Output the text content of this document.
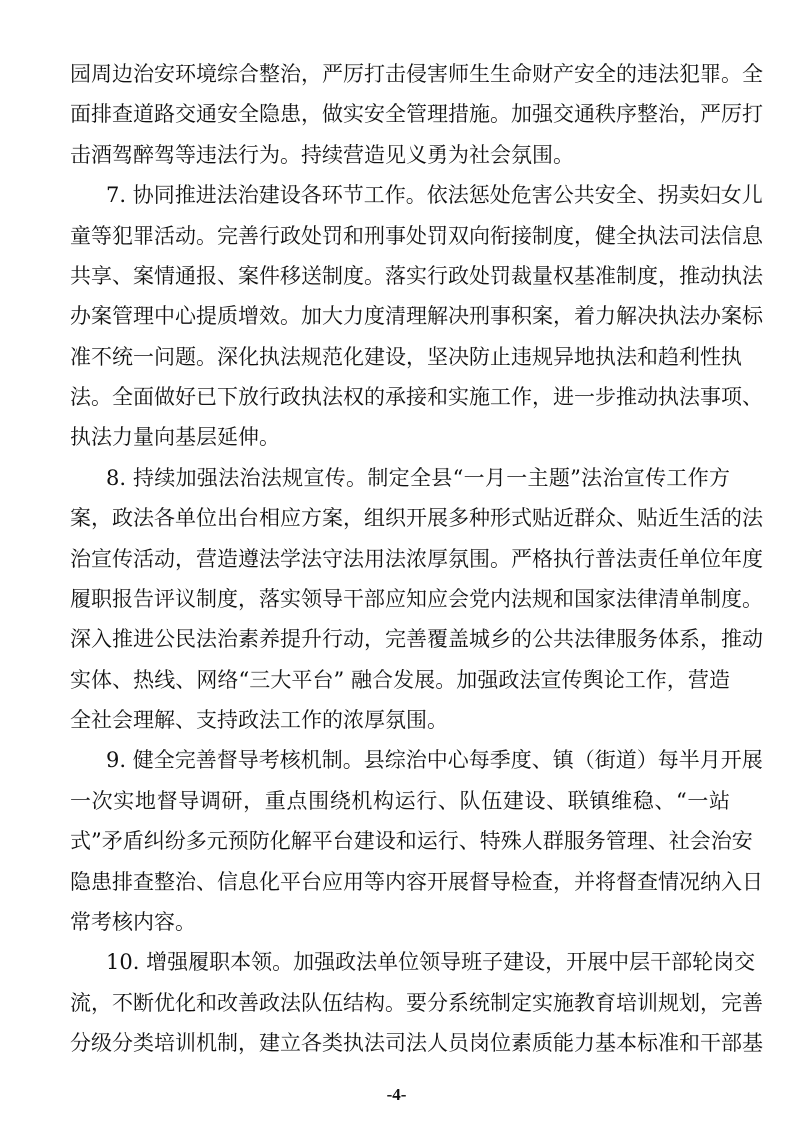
园周边治安环境综合整治，严厉打击侵害师生生命财产安全的违法犯罪。全
面排查道路交通安全隐患，做实安全管理措施。加强交通秩序整治，严厉打
击酒驾醉驾等违法行为。持续营造见义勇为社会氛围。
7. 协同推进法治建设各环节工作。依法惩处危害公共安全、拐卖妇女儿
童等犯罪活动。完善行政处罚和刑事处罚双向衔接制度，健全执法司法信息
共享、案情通报、案件移送制度。落实行政处罚裁量权基准制度，推动执法
办案管理中心提质增效。加大力度清理解决刑事积案，着力解决执法办案标
准不统一问题。深化执法规范化建设，坚决防止违规异地执法和趋利性执
法。全面做好已下放行政执法权的承接和实施工作，进一步推动执法事项、
执法力量向基层延伸。
8. 持续加强法治法规宣传。制定全县“一月一主题”法治宣传工作方
案，政法各单位出台相应方案，组织开展多种形式贴近群众、贴近生活的法
治宣传活动，营造遵法学法守法用法浓厚氛围。严格执行普法责任单位年度
履职报告评议制度，落实领导干部应知应会党内法规和国家法律清单制度。
深入推进公民法治素养提升行动，完善覆盖城乡的公共法律服务体系，推动
实体、热线、网络“三大平台” 融合发展。加强政法宣传舆论工作，营造
全社会理解、支持政法工作的浓厚氛围。
9. 健全完善督导考核机制。县综治中心每季度、镇（街道）每半月开展
一次实地督导调研，重点围绕机构运行、队伍建设、联镇维稳、“一站
式”矛盾纠纷多元预防化解平台建设和运行、特殊人群服务管理、社会治安
隐患排查整治、信息化平台应用等内容开展督导检查，并将督查情况纳入日
常考核内容。
10. 增强履职本领。加强政法单位领导班子建设，开展中层干部轮岗交
流，不断优化和改善政法队伍结构。要分系统制定实施教育培训规划，完善
分级分类培训机制，建立各类执法司法人员岗位素质能力基本标准和干部基
-4-
